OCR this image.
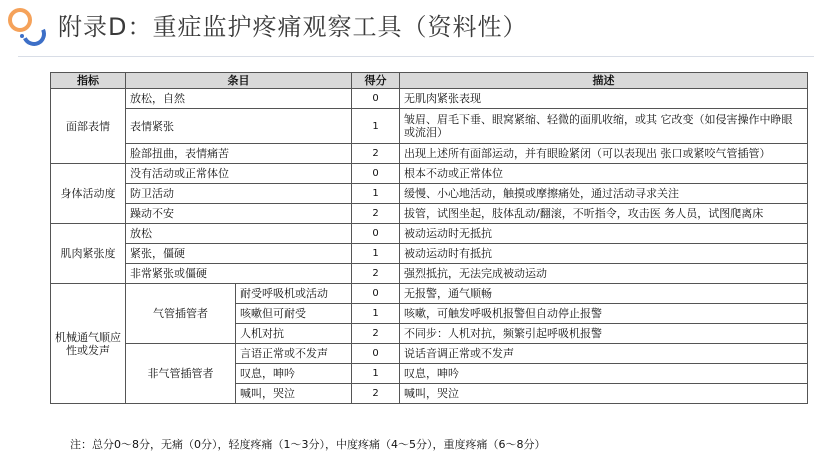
附录D：重症监护疼痛观察工具（资料性）
指标	条目		得分	描述
面部表情	放松，自然		0	无肌肉紧张表现
	表情紧张		1	皱眉、眉毛下垂、眼窝紧缩、轻微的面肌收缩，或其 它改变（如侵害操作中睁眼或流泪）
	脸部扭曲，表情痛苦		2	出现上述所有面部运动，并有眼睑紧闭（可以表现出 张口或紧咬气管插管）
身体活动度	没有活动或正常体位		0	根本不动或正常体位
	防卫活动		1	缓慢、小心地活动，触摸或摩擦痛处，通过活动寻求关注
	躁动不安		2	拔管，试图坐起，肢体乱动/翻滚，不听指令，攻击医 务人员，试图爬离床
肌肉紧张度	放松		0	被动运动时无抵抗
	紧张，僵硬		1	被动运动时有抵抗
	非常紧张或僵硬		2	强烈抵抗，无法完成被动运动
机械通气顺应性或发声	气管插管者	耐受呼吸机或活动	0	无报警，通气顺畅
		咳嗽但可耐受	1	咳嗽，可触发呼吸机报警但自动停止报警
		人机对抗	2	不同步：人机对抗，频繁引起呼吸机报警
	非气管插管者	言语正常或不发声	0	说话音调正常或不发声
		叹息，呻吟	1	叹息，呻吟
		喊叫，哭泣	2	喊叫，哭泣
注：总分0～8分，无痛（0分），轻度疼痛（1～3分），中度疼痛（4～5分），重度疼痛（6～8分）
